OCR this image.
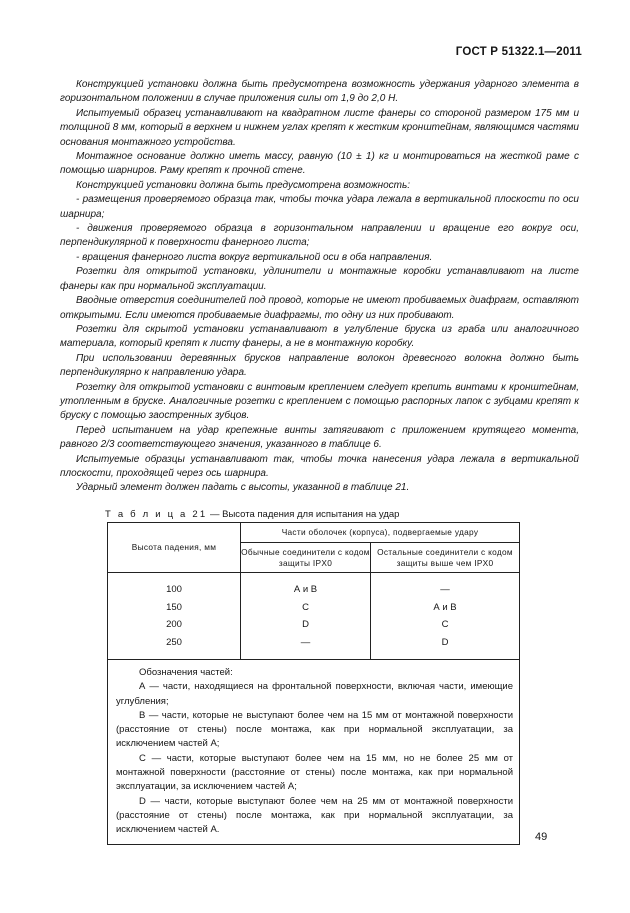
ГОСТ Р 51322.1—2011

Конструкцией установки должна быть предусмотрена возможность удержания ударного элемента в горизонтальном положении в случае приложения силы от 1,9 до 2,0 Н.

Испытуемый образец устанавливают на квадратном листе фанеры со стороной размером 175 мм и толщиной 8 мм, который в верхнем и нижнем углах крепят к жестким кронштейнам, являющимся частями основания монтажного устройства.

Монтажное основание должно иметь массу, равную (10 ± 1) кг и монтироваться на жесткой раме с помощью шарниров. Раму крепят к прочной стене.

Конструкцией установки должна быть предусмотрена возможность:

- размещения проверяемого образца так, чтобы точка удара лежала в вертикальной плоскости по оси шарнира;

- движения проверяемого образца в горизонтальном направлении и вращение его вокруг оси, перпендикулярной к поверхности фанерного листа;

- вращения фанерного листа вокруг вертикальной оси в оба направления.

Розетки для открытой установки, удлинители и монтажные коробки устанавливают на листе фанеры как при нормальной эксплуатации.

Вводные отверстия соединителей под провод, которые не имеют пробиваемых диафрагм, оставляют открытыми. Если имеются пробиваемые диафрагмы, то одну из них пробивают.

Розетки для скрытой установки устанавливают в углубление бруска из граба или аналогичного материала, который крепят к листу фанеры, а не в монтажную коробку.

При использовании деревянных брусков направление волокон древесного волокна должно быть перпендикулярно к направлению удара.

Розетку для открытой установки с винтовым креплением следует крепить винтами к кронштейнам, утопленным в бруске. Аналогичные розетки с креплением с помощью распорных лапок с зубцами крепят к бруску с помощью заостренных зубцов.

Перед испытанием на удар крепежные винты затягивают с приложением крутящего момента, равного 2/3 соответствующего значения, указанного в таблице 6.

Испытуемые образцы устанавливают так, чтобы точка нанесения удара лежала в вертикальной плоскости, проходящей через ось шарнира.

Ударный элемент должен падать с высоты, указанной в таблице 21.

Т а б л и ц а 21 — Высота падения для испытания на удар
Высота падения, мм	Части оболочек (корпуса), подвергаемые удару	
	Обычные соединители с кодом защиты IPX0	Остальные соединители с кодом защиты выше чем IPX0
100	А и В	—
150	С	А и В
200	D	С
250	—	D

Обозначения частей:

А — части, находящиеся на фронтальной поверхности, включая части, имеющие углубления;

В — части, которые не выступают более чем на 15 мм от монтажной поверхности (расстояние от стены) после монтажа, как при нормальной эксплуатации, за исключением частей А;

С — части, которые выступают более чем на 15 мм, но не более 25 мм от монтажной поверхности (расстояние от стены) после монтажа, как при нормальной эксплуатации, за исключением частей А;

D — части, которые выступают более чем на 25 мм от монтажной поверхности (расстояние от стены) после монтажа, как при нормальной эксплуатации, за исключением частей А.		

49
